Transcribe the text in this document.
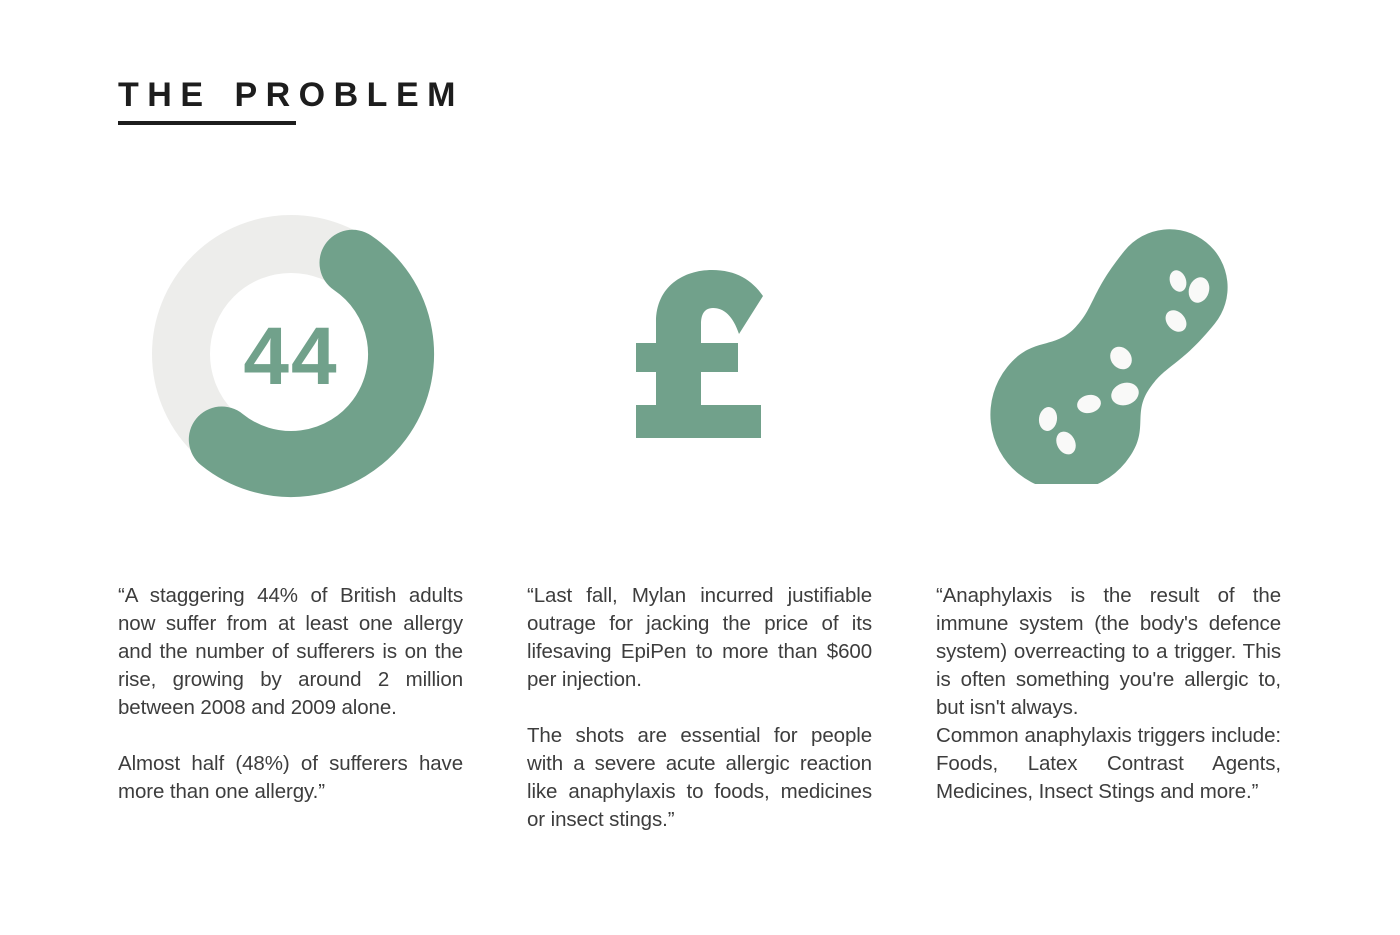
THE PROBLEM
44

“A staggering 44% of British adults now suffer from at least one allergy and the number of sufferers is on the rise, growing by around 2 million between 2008 and 2009 alone.

Almost half (48%) of sufferers have more than one allergy.”

“Last fall, Mylan incurred justifiable outrage for jacking the price of its lifesaving EpiPen to more than $600 per injection.

The shots are essential for people with a severe acute allergic reaction like anaphylaxis to foods, medicines or insect stings.”

“Anaphylaxis is the result of the immune system (the body's defence system) overreacting to a trigger. This is often something you're allergic to, but isn't always.

Common anaphylaxis triggers include: Foods, Latex Contrast Agents, Medicines, Insect Stings and more.”
